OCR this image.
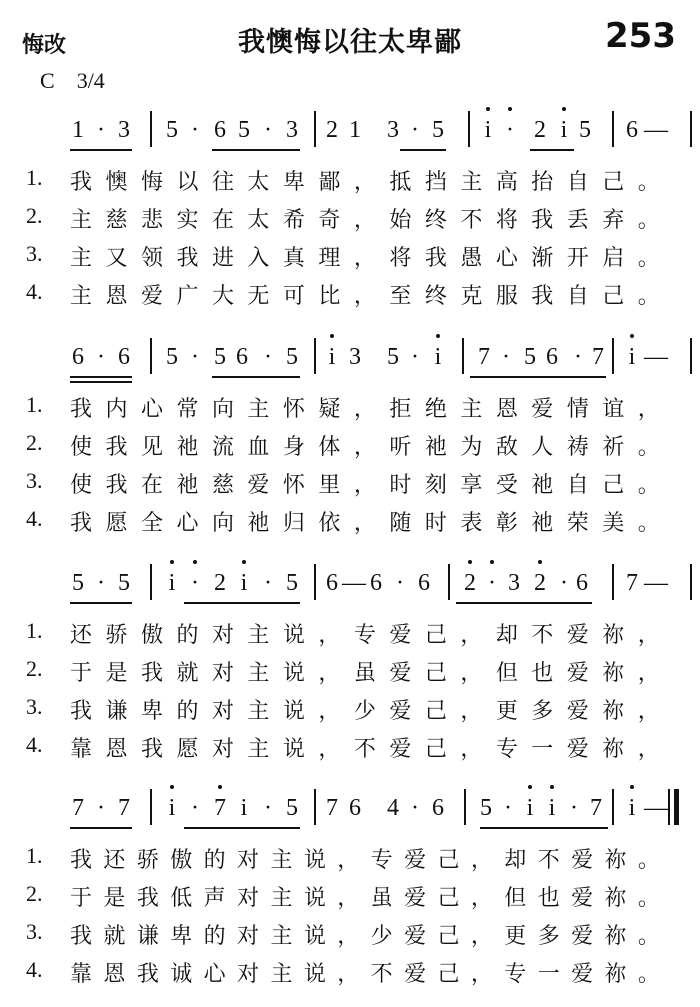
悔改	我懊悔以往太卑鄙	253
C 3/4
1 · 3 5 · 6 5 · 3 2 1 3 · 5 i · 2 i 5 6 —
1. 我 懊 悔 以 往 太 卑 鄙 ， 抵 挡 主 高 抬 自 己 。
2. 主 慈 悲 实 在 太 希 奇 ， 始 终 不 将 我 丢 弃 。
3. 主 又 领 我 进 入 真 理 ， 将 我 愚 心 渐 开 启 。
4. 主 恩 爱 广 大 无 可 比 ， 至 终 克 服 我 自 己 。
6 · 6 5 · 5 6 · 5 i 3 5 · i 7 · 5 6 · 7 i —
1. 我 内 心 常 向 主 怀 疑 ， 拒 绝 主 恩 爱 情 谊 ，
2. 使 我 见 祂 流 血 身 体 ， 听 祂 为 敌 人 祷 祈 。
3. 使 我 在 祂 慈 爱 怀 里 ， 时 刻 享 受 祂 自 己 。
4. 我 愿 全 心 向 祂 归 依 ， 随 时 表 彰 祂 荣 美 。
5 · 5 i · 2 i · 5 6 — 6 · 6 2 · 3 2 · 6 7 —
1. 还 骄 傲 的 对 主 说 ， 专 爱 己 ， 却 不 爱 祢 ，
2. 于 是 我 就 对 主 说 ， 虽 爱 己 ， 但 也 爱 祢 ，
3. 我 谦 卑 的 对 主 说 ， 少 爱 己 ， 更 多 爱 祢 ，
4. 靠 恩 我 愿 对 主 说 ， 不 爱 己 ， 专 一 爱 祢 ，
7 · 7 i · 7 i · 5 7 6 4 · 6 5 · i i · 7 i —
1. 我 还 骄 傲 的 对 主 说 ， 专 爱 己 ， 却 不 爱 祢 。
2. 于 是 我 低 声 对 主 说 ， 虽 爱 己 ， 但 也 爱 祢 。
3. 我 就 谦 卑 的 对 主 说 ， 少 爱 己 ， 更 多 爱 祢 。
4. 靠 恩 我 诚 心 对 主 说 ， 不 爱 己 ， 专 一 爱 祢 。
